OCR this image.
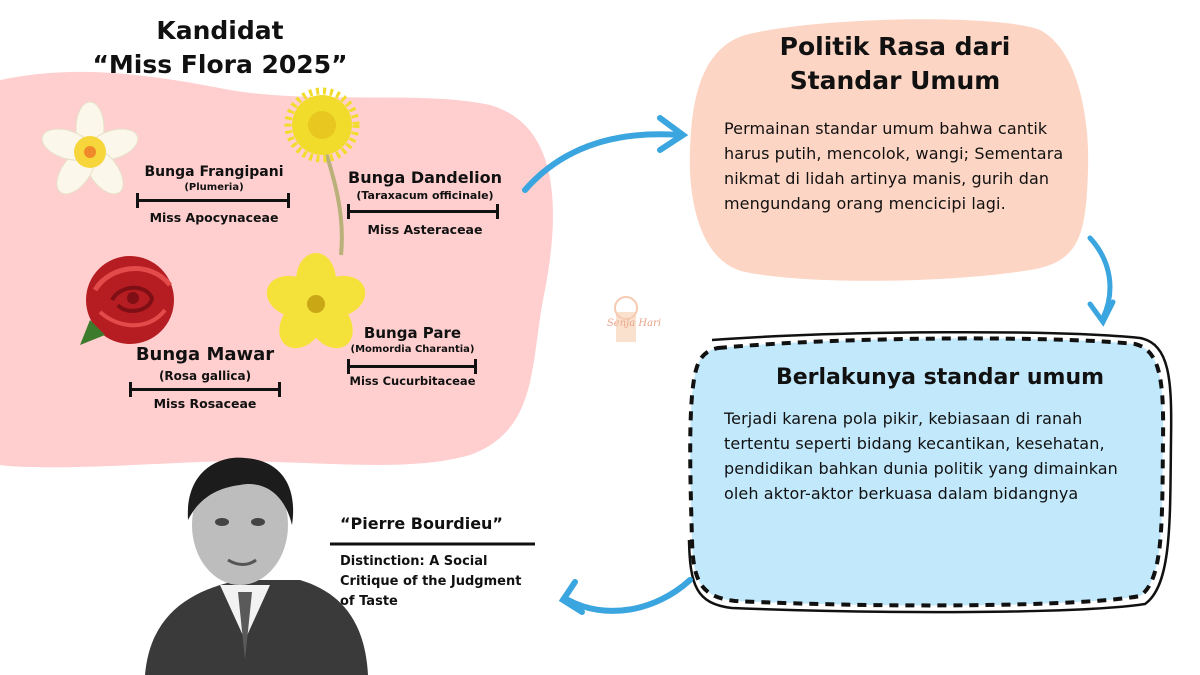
Kandidat
“Miss Flora 2025”
Bunga Frangipani
(Plumeria)
Miss Apocynaceae
Bunga Dandelion
(Taraxacum officinale)
Miss Asteraceae
Bunga Mawar
(Rosa gallica)
Miss Rosaceae
Bunga Pare
(Momordia Charantia)
Miss Cucurbitaceae
Politik Rasa dari
Standar Umum
Permainan standar umum bahwa cantik harus putih, mencolok, wangi; Sementara nikmat di lidah artinya manis, gurih dan mengundang orang mencicipi lagi.
Berlakunya standar umum
Terjadi karena pola pikir, kebiasaan di ranah tertentu seperti bidang kecantikan, kesehatan, pendidikan bahkan dunia politik yang dimainkan oleh aktor-aktor berkuasa dalam bidangnya
“Pierre Bourdieu”
Distinction: A Social Critique of the Judgment of Taste
Senja Hari
